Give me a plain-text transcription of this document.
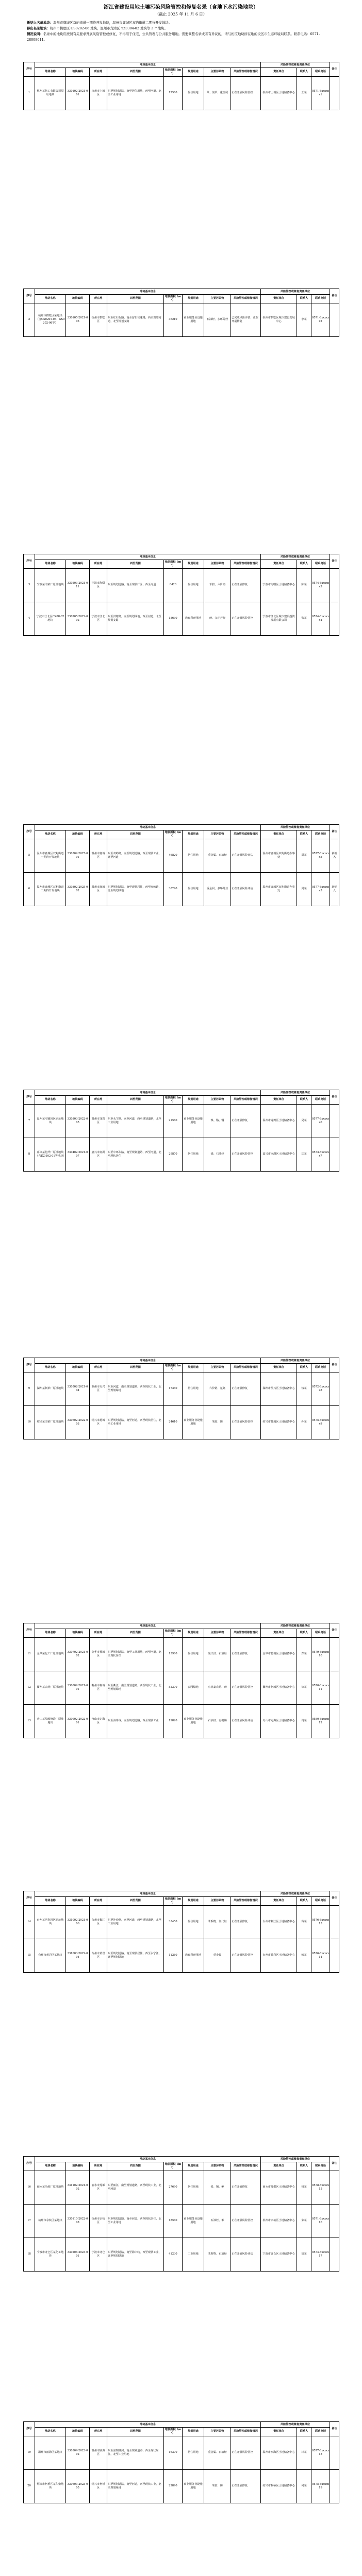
浙江省建设用地土壤污染风险管控和修复名录（含地下水污染地块）
（截止 2025 年 11 月 6 日）

新纳入名录地块：温州市鹿城区双屿街道一期待开发地块，温州市鹿城区双屿街道二期待开发地块。

移出名录地块：杭州市拱墅区 GS0202-06 地块，温州市龙湾区 YZ0304-02 地块等 3 个地块。

情况说明：名录中的地块应按照有关要求开展风险管控或修复，不得用于住宅、公共管理与公共服务用地。需要调整名录或者有异议的，请与相应地块所在地的设区市生态环境局联系。联系电话：0571-28008011。

序号	地块基本信息								风险管控或修复责任单位			备注
	地块名称	地块编码	所在地	四至范围	地块面积（m²）	规划用途	主要污染物	风险管控或修复情况	责任单位	联系人	联系电话	
1	杭州某化工有限公司原址地块	330102-2021-001	杭州市上城区	东至规划道路，南至居住用地，西至河道，北至工业用地	12580	居住用地	苯、氯苯、重金属	正在开展风险管控	杭州市上城区土地储备中心	王某	0571-8xxxxxx1	
序号	地块基本信息								风险管控或修复责任单位			备注
	地块名称	地块编码	所在地	四至范围	地块面积（m²）	规划用途	主要污染物	风险管控或修复情况	责任单位	联系人	联系电话	
2	杭州市拱墅区某地块（含GS0201-03、GS0202-06等）	330105-2021-003	杭州市拱墅区	东至红石板路，南至留石快速路，西至规划河道，北至规划支路	36210	商业服务业设施用地	石油烃、多环芳烃	已完成风险评估，正在开展修复	杭州市拱墅区城市建设发展中心	李某	0571-8xxxxxx2	
序号	地块基本信息								风险管控或修复责任单位			备注
	地块名称	地块编码	所在地	四至范围	地块面积（m²）	规划用途	主要污染物	风险管控或修复情况	责任单位	联系人	联系电话	
3	宁波某印染厂原址地块	330203-2021-011	宁波市海曙区	东至规划道路，南至现状厂区，西至河道	8420	居住用地	苯胺、六价铬	正在开展修复	宁波市海曙区土地储备中心	陈某	0574-8xxxxxx3	
4	宁波市江北区CX08-02地块	330205-2022-002	宁波市江北区	东至洪塘路，南至规划绿地，西至河道，北至规划支路	15630	教育科研用地	砷、多环芳烃	正在开展风险管控	宁波市江北区城市建设投资发展有限公司	张某	0574-8xxxxxx4	
序号	地块基本信息								风险管控或修复责任单位			备注
	地块名称	地块编码	所在地	四至范围	地块面积（m²）	规划用途	主要污染物	风险管控或修复情况	责任单位	联系人	联系电话	
5	温州市鹿城区双屿街道一期待开发地块	330302-2025-001	温州市鹿城区	东至双屿路，南至规划道路，西至现状工业，北至河道	46820	居住用地	重金属、石油烃	正在开展风险评估	温州市鹿城区双屿街道办事处	周某	0577-8xxxxxx5	新纳入
6	温州市鹿城区双屿街道二期待开发地块	330302-2025-002	温州市鹿城区	东至规划道路，南至现状居住，西至双屿路，北至规划绿地	38240	居住用地	重金属、多环芳烃	正在开展风险评估	温州市鹿城区双屿街道办事处	周某	0577-8xxxxxx5	新纳入
序号	地块基本信息								风险管控或修复责任单位			备注
	地块名称	地块编码	所在地	四至范围	地块面积（m²）	规划用途	主要污染物	风险管控或修复情况	责任单位	联系人	联系电话	
7	温州某电镀园区原址地块	330303-2022-005	温州市龙湾区	东至永宁路，南至河道，西至规划道路，北至工业用地	21560	商业服务业设施用地	镍、铬、铜	正在开展修复	温州市龙湾区土地储备中心	吴某	0577-8xxxxxx6	
8	嘉兴某化纤厂原址地块（含JX0102-01等地块）	330402-2021-007	嘉兴市南湖区	东至中环东路，南至规划道路，西至河道，北至现状居住	29870	居住用地	锑、石油烃	正在开展风险管控	嘉兴市南湖区土地储备中心	沈某	0573-8xxxxxx7	
序号	地块基本信息								风险管控或修复责任单位			备注
	地块名称	地块编码	所在地	四至范围	地块面积（m²）	规划用途	主要污染物	风险管控或修复情况	责任单位	联系人	联系电话	
9	湖州某制革厂原址地块	330502-2021-004	湖州市吴兴区	东至河道，南至规划道路，西至现状工业，北至规划绿地	17340	居住用地	六价铬、氨氮	正在开展修复	湖州市吴兴区土地储备中心	钱某	0572-8xxxxxx8	
10	绍兴某印染厂原址地块	330602-2022-003	绍兴市越城区	东至规划道路，南至河道，西至现状居住，北至工业用地	24610	商业服务业设施用地	苯胺、锑	正在开展风险管控	绍兴市越城区土地储备中心	孙某	0575-8xxxxxx9	
序号	地块基本信息								风险管控或修复责任单位			备注
	地块名称	地块编码	所在地	四至范围	地块面积（m²）	规划用途	主要污染物	风险管控或修复情况	责任单位	联系人	联系电话	
11	金华某化工厂原址地块	330702-2021-002	金华市婺城区	东至规划道路，南至工业用地，西至河道，北至现状居住	13980	居住用地	氯代烃、石油烃	正在开展修复	金华市婺城区土地储备中心	郑某	0579-8xxxxx10	
12	衢州某农药厂原址地块	330802-2021-001	衢州市柯城区	东至衢江，南至规划道路，西至现状工业，北至规划绿地	52370	公园绿地	有机氯农药、砷	正在开展风险管控	衢州市柯城区土地储备中心	徐某	0570-8xxxxx11	
13	舟山某船舶修造厂原址地块	330902-2022-001	舟山市定海区	东至海岸线，南至规划道路，西至现状工业	19820	商业服务业设施用地	石油烃、有机锡	正在开展风险评估	舟山市定海区土地储备中心	冯某	0580-8xxxxx12	
序号	地块基本信息								风险管控或修复责任单位			备注
	地块名称	地块编码	所在地	四至范围	地块面积（m²）	规划用途	主要污染物	风险管控或修复情况	责任单位	联系人	联系电话	
14	台州某医化园区原址地块	331002-2021-006	台州市椒江区	东至外沙路，南至河道，西至规划道路，北至工业用地	33450	居住用地	苯系物、氯代烃	正在开展修复	台州市椒江区土地储备中心	蒋某	0576-8xxxxx13	
15	台州市黄岩区某地块	331003-2022-004	台州市黄岩区	东至规划道路，南至现状居住，西至永宁江，北至规划绿地	11260	教育科研用地	重金属	正在开展风险管控	台州市黄岩区土地储备中心	韩某	0576-8xxxxx14	
序号	地块基本信息								风险管控或修复责任单位			备注
	地块名称	地块编码	所在地	四至范围	地块面积（m²）	规划用途	主要污染物	风险管控或修复情况	责任单位	联系人	联系电话	
16	丽水某冶炼厂原址地块	331102-2021-002	丽水市莲都区	东至瓯江，南至规划道路，西至现状工业，北至河道	27690	居住用地	铅、镉、砷	正在开展修复	丽水市莲都区土地储备中心	杨某	0578-8xxxxx15	
17	杭州市余杭区某地块	330110-2022-008	杭州市余杭区	东至规划道路，南至河道，西至现状居住，北至工业用地	18540	商业服务业设施用地	石油烃、苯	正在开展风险管控	杭州市余杭区土地储备中心	朱某	0571-8xxxxx16	
18	宁波市北仑区某化工地块	330206-2023-001	宁波市北仑区	东至规划道路，南至海岸线，西至现状工业，北至规划绿地	41230	工业用地	苯系物、石油烃	正在开展风险评估	宁波市北仑区土地储备中心	胡某	0574-8xxxxx17	
序号	地块基本信息								风险管控或修复责任单位			备注
	地块名称	地块编码	所在地	四至范围	地块面积（m²）	规划用途	主要污染物	风险管控或修复情况	责任单位	联系人	联系电话	
19	温州市瓯海区某地块	330304-2023-002	温州市瓯海区	东至温瑞塘河，南至规划道路，西至现状居住，北至工业用地	16370	居住用地	重金属、石油烃	正在开展风险管控	温州市瓯海区土地储备中心	林某	0577-8xxxxx18	
20	绍兴市柯桥区某印染地块	330603-2023-005	绍兴市柯桥区	东至规划道路，南至河道，西至现状工业，北至规划绿地	22890	商业服务业设施用地	苯胺、锑	正在开展修复	绍兴市柯桥区土地储备中心	何某	0575-8xxxxx19	
